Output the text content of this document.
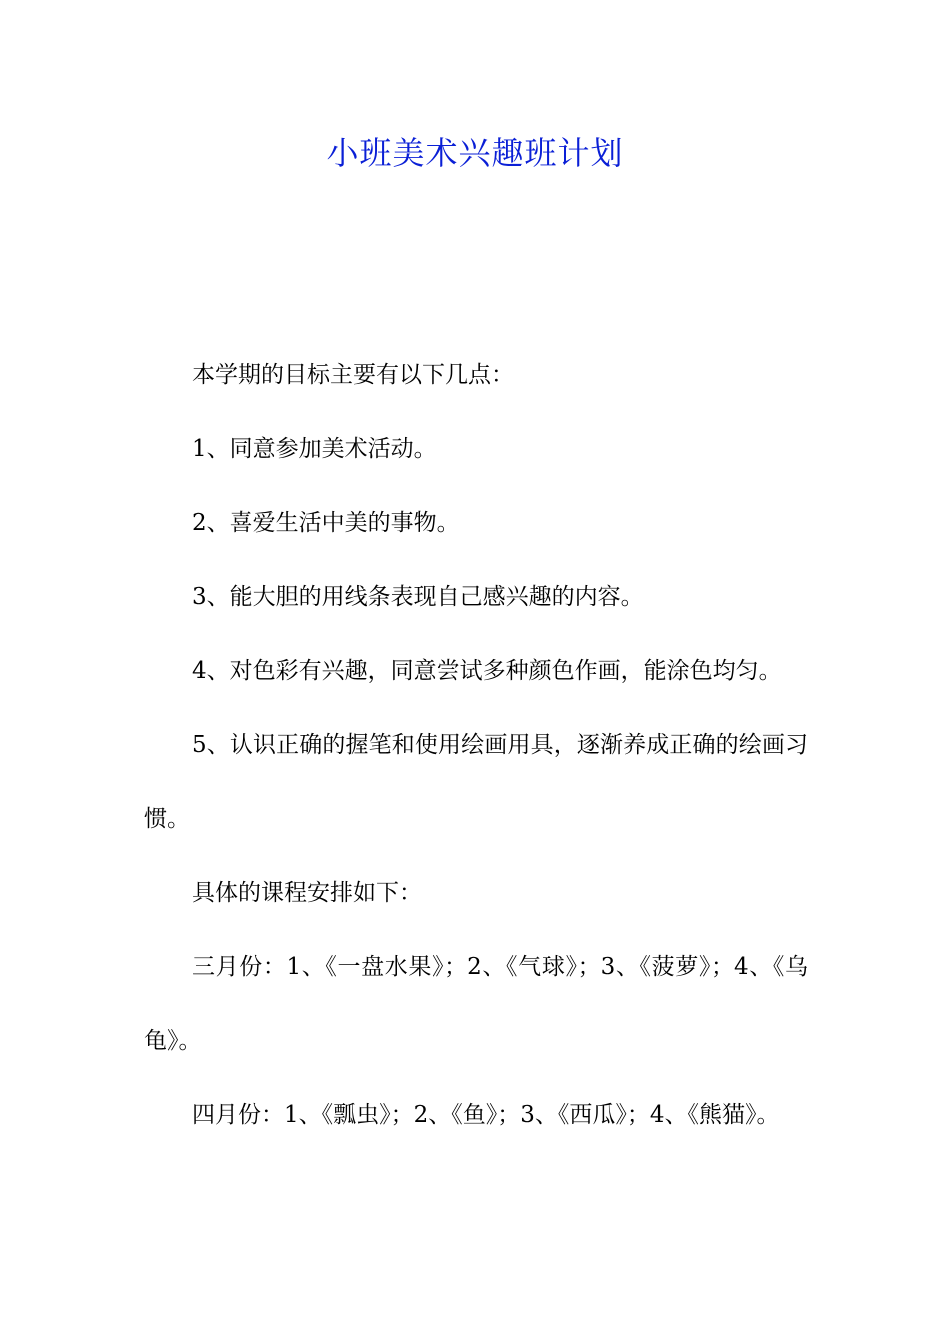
小班美术兴趣班计划

本学期的目标主要有以下几点：

1、同意参加美术活动。

2、喜爱生活中美的事物。

3、能大胆的用线条表现自己感兴趣的内容。

4、对色彩有兴趣，同意尝试多种颜色作画，能涂色均匀。

5、认识正确的握笔和使用绘画用具，逐渐养成正确的绘画习惯。

具体的课程安排如下：

三月份：1、《一盘水果》；2、《气球》；3、《菠萝》；4、《乌龟》。

四月份：1、《瓢虫》；2、《鱼》；3、《西瓜》；4、《熊猫》。
